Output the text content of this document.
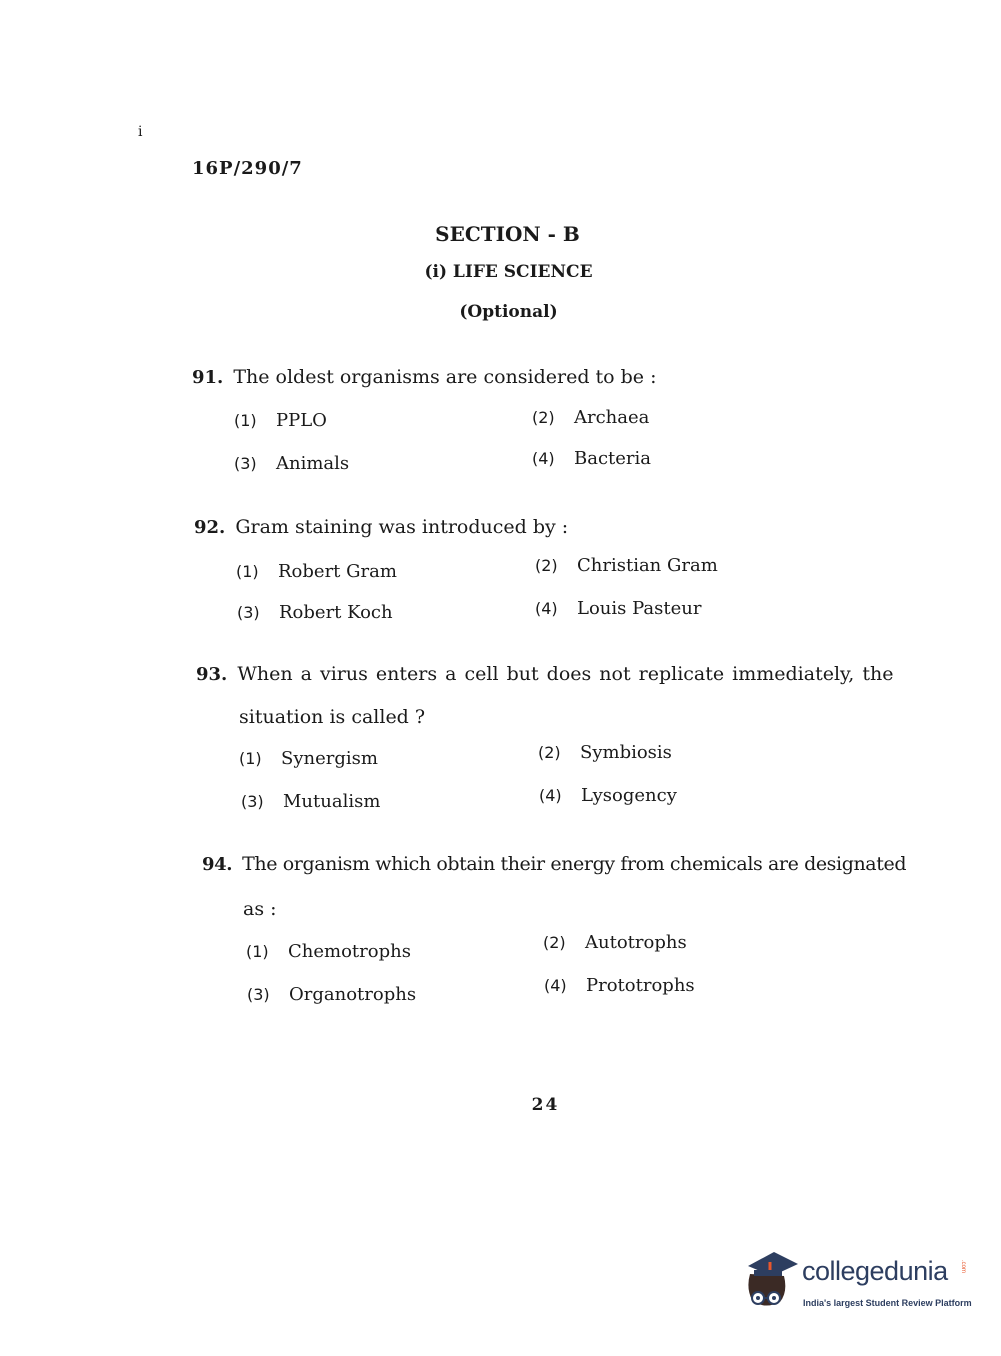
i
16P/290/7
SECTION - B
(i) LIFE SCIENCE
(Optional)
91. The oldest organisms are considered to be :
(1) PPLO	(2) Archaea
(3) Animals	(4) Bacteria
92. Gram staining was introduced by :
(1) Robert Gram	(2) Christian Gram
(3) Robert Koch	(4) Louis Pasteur
93. When a virus enters a cell but does not replicate immediately, the
situation is called ?
(1) Synergism	(2) Symbiosis
(3) Mutualism	(4) Lysogency
94. The organism which obtain their energy from chemicals are designated
as :
(1) Chemotrophs	(2) Autotrophs
(3) Organotrophs	(4) Prototrophs
24
collegedunia .com
India's largest Student Review Platform
